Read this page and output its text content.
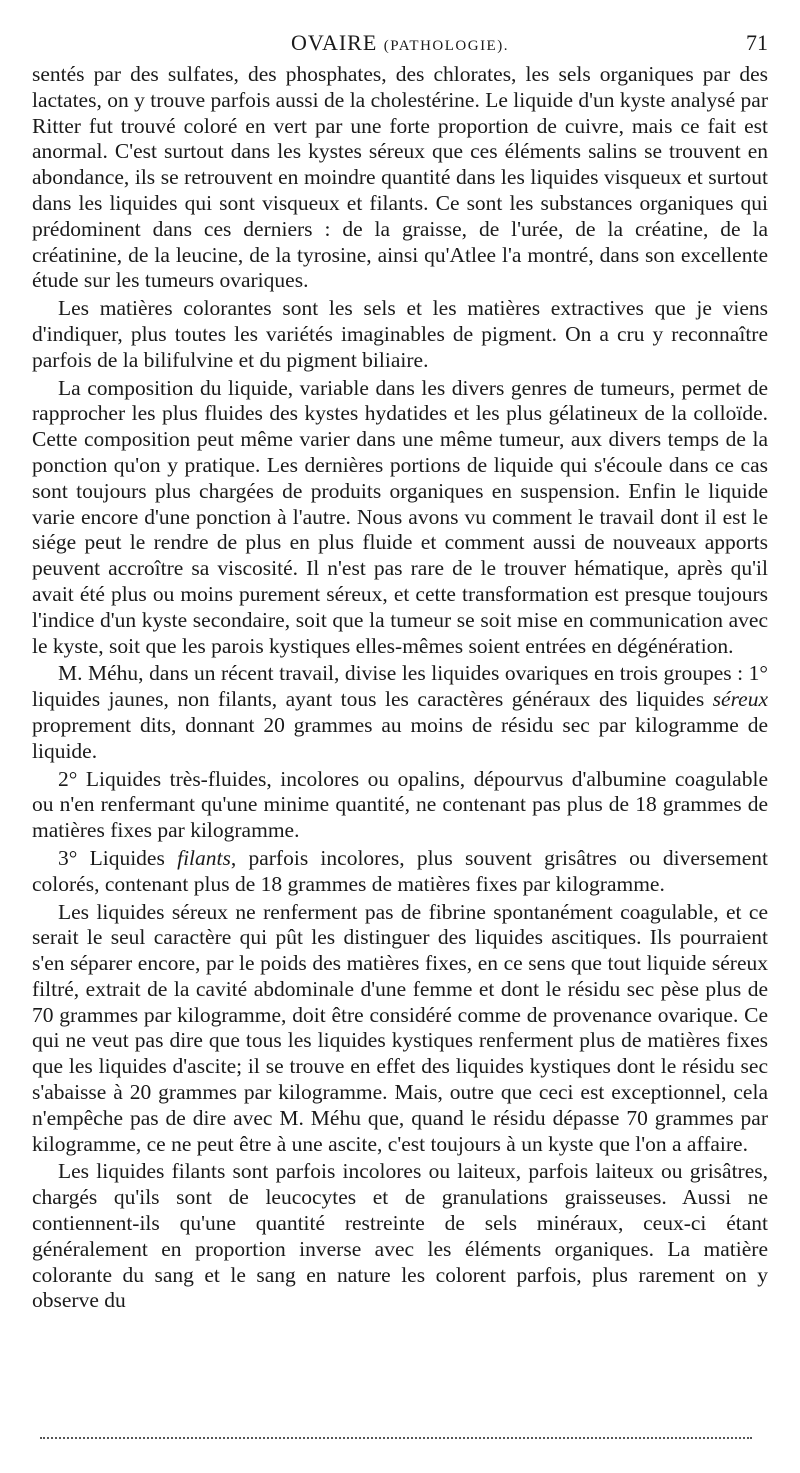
OVAIRE (PATHOLOGIE).	71

sentés par des sulfates, des phosphates, des chlorates, les sels organiques par des lactates, on y trouve parfois aussi de la cholestérine. Le liquide d'un kyste analysé par Ritter fut trouvé coloré en vert par une forte proportion de cuivre, mais ce fait est anormal. C'est surtout dans les kystes séreux que ces éléments salins se trouvent en abondance, ils se retrouvent en moindre quantité dans les liquides visqueux et surtout dans les liquides qui sont visqueux et filants. Ce sont les substances organiques qui prédominent dans ces derniers : de la graisse, de l'urée, de la créatine, de la créatinine, de la leucine, de la tyrosine, ainsi qu'Atlee l'a montré, dans son excellente étude sur les tumeurs ovariques.

Les matières colorantes sont les sels et les matières extractives que je viens d'indiquer, plus toutes les variétés imaginables de pigment. On a cru y reconnaître parfois de la bilifulvine et du pigment biliaire.

La composition du liquide, variable dans les divers genres de tumeurs, permet de rapprocher les plus fluides des kystes hydatides et les plus gélatineux de la colloïde. Cette composition peut même varier dans une même tumeur, aux divers temps de la ponction qu'on y pratique. Les dernières portions de liquide qui s'écoule dans ce cas sont toujours plus chargées de produits organiques en suspension. Enfin le liquide varie encore d'une ponction à l'autre. Nous avons vu comment le travail dont il est le siége peut le rendre de plus en plus fluide et comment aussi de nouveaux apports peuvent accroître sa viscosité. Il n'est pas rare de le trouver hématique, après qu'il avait été plus ou moins purement séreux, et cette transformation est presque toujours l'indice d'un kyste secondaire, soit que la tumeur se soit mise en communication avec le kyste, soit que les parois kystiques elles-mêmes soient entrées en dégénération.

M. Méhu, dans un récent travail, divise les liquides ovariques en trois groupes : 1° liquides jaunes, non filants, ayant tous les caractères généraux des liquides séreux proprement dits, donnant 20 grammes au moins de résidu sec par kilogramme de liquide.

2° Liquides très-fluides, incolores ou opalins, dépourvus d'albumine coagulable ou n'en renfermant qu'une minime quantité, ne contenant pas plus de 18 grammes de matières fixes par kilogramme.

3° Liquides filants, parfois incolores, plus souvent grisâtres ou diversement colorés, contenant plus de 18 grammes de matières fixes par kilogramme.

Les liquides séreux ne renferment pas de fibrine spontanément coagulable, et ce serait le seul caractère qui pût les distinguer des liquides ascitiques. Ils pourraient s'en séparer encore, par le poids des matières fixes, en ce sens que tout liquide séreux filtré, extrait de la cavité abdominale d'une femme et dont le résidu sec pèse plus de 70 grammes par kilogramme, doit être considéré comme de provenance ovarique. Ce qui ne veut pas dire que tous les liquides kystiques renferment plus de matières fixes que les liquides d'ascite; il se trouve en effet des liquides kystiques dont le résidu sec s'abaisse à 20 grammes par kilogramme. Mais, outre que ceci est exceptionnel, cela n'empêche pas de dire avec M. Méhu que, quand le résidu dépasse 70 grammes par kilogramme, ce ne peut être à une ascite, c'est toujours à un kyste que l'on a affaire.

Les liquides filants sont parfois incolores ou laiteux, parfois laiteux ou grisâtres, chargés qu'ils sont de leucocytes et de granulations graisseuses. Aussi ne contiennent-ils qu'une quantité restreinte de sels minéraux, ceux-ci étant généralement en proportion inverse avec les éléments organiques. La matière colorante du sang et le sang en nature les colorent parfois, plus rarement on y observe du
